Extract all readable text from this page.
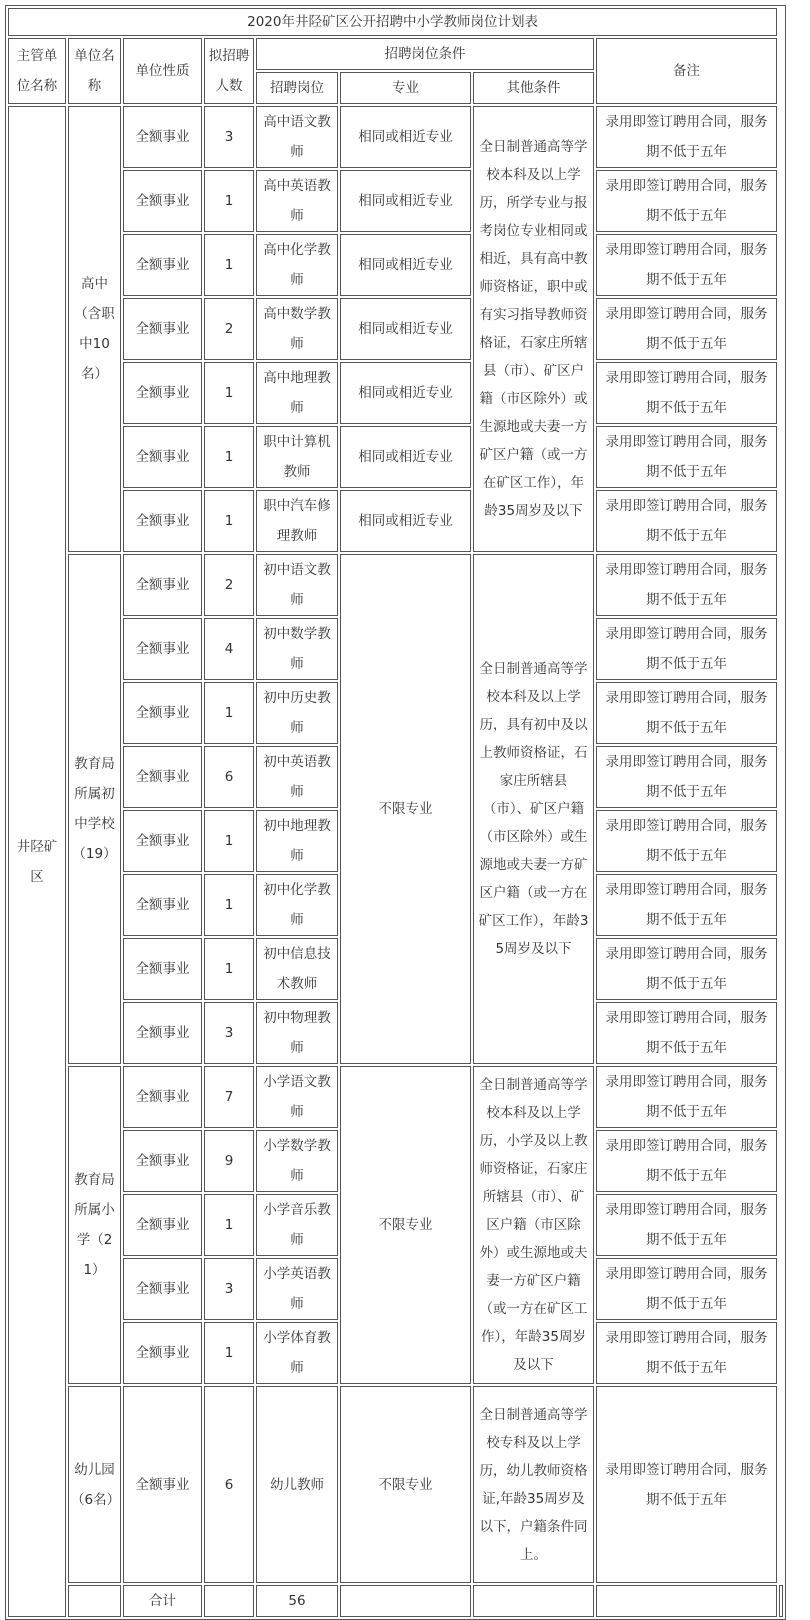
2020年井陉矿区公开招聘中小学教师岗位计划表								
主管单位名称	单位名称	单位性质	拟招聘人数	招聘岗位条件			备注	
				招聘岗位	专业	其他条件		
井陉矿区	高中（含职中10名）	全额事业	3	高中语文教师	相同或相近专业	全日制普通高等学校本科及以上学历，所学专业与报考岗位专业相同或相近，具有高中教师资格证，职中或有实习指导教师资格证，石家庄所辖县（市）、矿区户籍（市区除外）或生源地或夫妻一方矿区户籍（或一方在矿区工作），年龄35周岁及以下	录用即签订聘用合同，服务期不低于五年	
		全额事业	1	高中英语教师	相同或相近专业		录用即签订聘用合同，服务期不低于五年	
		全额事业	1	高中化学教师	相同或相近专业		录用即签订聘用合同，服务期不低于五年	
		全额事业	2	高中数学教师	相同或相近专业		录用即签订聘用合同，服务期不低于五年	
		全额事业	1	高中地理教师	相同或相近专业		录用即签订聘用合同，服务期不低于五年	
		全额事业	1	职中计算机教师	相同或相近专业		录用即签订聘用合同，服务期不低于五年	
		全额事业	1	职中汽车修理教师	相同或相近专业		录用即签订聘用合同，服务期不低于五年	
	教育局所属初中学校（19）	全额事业	2	初中语文教师	不限专业	全日制普通高等学校本科及以上学历，具有初中及以上教师资格证，石家庄所辖县（市）、矿区户籍（市区除外）或生源地或夫妻一方矿区户籍（或一方在矿区工作），年龄35周岁及以下	录用即签订聘用合同，服务期不低于五年	
		全额事业	4	初中数学教师			录用即签订聘用合同，服务期不低于五年	
		全额事业	1	初中历史教师			录用即签订聘用合同，服务期不低于五年	
		全额事业	6	初中英语教师			录用即签订聘用合同，服务期不低于五年	
		全额事业	1	初中地理教师			录用即签订聘用合同，服务期不低于五年	
		全额事业	1	初中化学教师			录用即签订聘用合同，服务期不低于五年	
		全额事业	1	初中信息技术教师			录用即签订聘用合同，服务期不低于五年	
		全额事业	3	初中物理教师			录用即签订聘用合同，服务期不低于五年	
	教育局所属小学（21）	全额事业	7	小学语文教师	不限专业	全日制普通高等学校本科及以上学历，小学及以上教师资格证，石家庄所辖县（市）、矿区户籍（市区除外）或生源地或夫妻一方矿区户籍（或一方在矿区工作），年龄35周岁及以下	录用即签订聘用合同，服务期不低于五年	
		全额事业	9	小学数学教师			录用即签订聘用合同，服务期不低于五年	
		全额事业	1	小学音乐教师			录用即签订聘用合同，服务期不低于五年	
		全额事业	3	小学英语教师			录用即签订聘用合同，服务期不低于五年	
		全额事业	1	小学体育教师			录用即签订聘用合同，服务期不低于五年	
	幼儿园（6名）	全额事业	6	幼儿教师	不限专业	全日制普通高等学校专科及以上学历，幼儿教师资格证,年龄35周岁及以下，户籍条件同上。	录用即签订聘用合同，服务期不低于五年	
		合计		56				
